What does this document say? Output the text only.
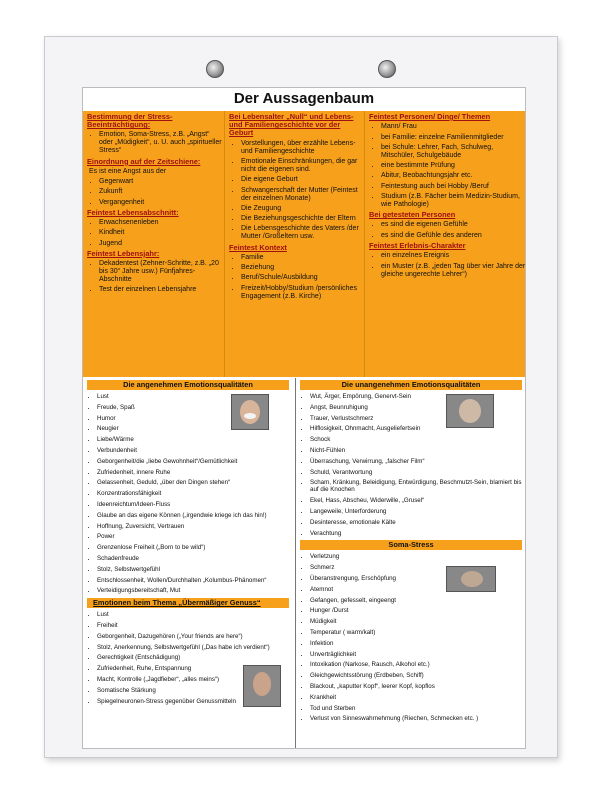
Der Aussagenbaum
Bestimmung der Stress-Beeinträchtigung:
• Emotion, Soma-Stress, z.B. „Angst“ oder „Müdigkeit“, u. U. auch „spiritueller Stress“
Einordnung auf der Zeitschiene:
Es ist eine Angst aus der
• Gegenwart
• Zukunft
• Vergangenheit
Feintest Lebensabschnitt:
• Erwachsenenleben
• Kindheit
• Jugend
Feintest Lebensjahr:
• Dekadentest (Zehner-Schritte, z.B. „20 bis 30“ Jahre usw.) Fünfjahres-Abschnitte
• Test der einzelnen Lebensjahre
Bei Lebensalter „Null“ und Lebens- und Familiengeschichte vor der Geburt
• Vorstellungen, über erzählte Lebens- und Familiengeschichte
• Emotionale Einschränkungen, die gar nicht die eigenen sind.
• Die eigene Geburt
• Schwangerschaft der Mutter (Feintest der einzelnen Monate)
• Die Zeugung
• Die Beziehungsgeschichte der Eltern
• Die Lebensgeschichte des Vaters /der Mutter /Großeltern usw.
Feintest Kontext
• Familie
• Beziehung
• Beruf/Schule/Ausbildung
• Freizeit/Hobby/Studium /persönliches Engagement (z.B. Kirche)
Feintest Personen/ Dinge/ Themen
• Mann/ Frau
• bei Familie: einzelne Familienmitglieder
• bei Schule: Lehrer, Fach, Schulweg, Mitschüler, Schulgebäude
• eine bestimmte Prüfung
• Abitur, Beobachtungsjahr etc.
• Feintestung auch bei Hobby /Beruf
• Studium (z.B. Fächer beim Medizin-Studium, wie Pathologie)
Bei getesteten Personen
• es sind die eigenen Gefühle
• es sind die Gefühle des anderen
Feintest Erlebnis-Charakter
• ein einzelnes Ereignis
• ein Muster (z.B. „jeden Tag über vier Jahre der gleiche ungerechte Lehrer“)
Die angenehmen Emotionsqualitäten
• Lust
• Freude, Spaß
• Humor
• Neugier
• Liebe/Wärme
• Verbundenheit
• Geborgenheit/die „liebe Gewohnheit“/Gemütlichkeit
• Zufriedenheit, innere Ruhe
• Gelassenheit, Geduld, „über den Dingen stehen“
• Konzentrationsfähigkeit
• Ideenreichtum/Ideen-Fluss
• Glaube an das eigene Können („irgendwie kriege ich das hin!)
• Hoffnung, Zuversicht, Vertrauen
• Power
• Grenzenlose Freiheit („Born to be wild“)
• Schadenfreude
• Stolz, Selbstwertgefühl
• Entschlossenheit, Wollen/Durchhalten „Kolumbus-Phänomen“
• Verteidigungsbereitschaft, Mut
Emotionen beim Thema „Übermäßiger Genuss“
• Lust
• Freiheit
• Geborgenheit, Dazugehören („Your friends are here“)
• Stolz, Anerkennung, Selbstwertgefühl („Das habe ich verdient“)
• Gerechtigkeit (Entschädigung)
• Zufriedenheit, Ruhe, Entspannung
• Macht, Kontrolle („Jagdfieber“, „alles meins“)
• Somatische Stärkung
• Spiegelneuronen-Stress gegenüber Genussmitteln
Die unangenehmen Emotionsqualitäten
• Wut, Ärger, Empörung, Genervt-Sein
• Angst, Beunruhigung
• Trauer, Verlustschmerz
• Hilflosigkeit, Ohnmacht, Ausgeliefertsein
• Schock
• Nicht-Fühlen
• Überraschung, Verwirrung, „falscher Film“
• Schuld, Verantwortung
• Scham, Kränkung, Beleidigung, Entwürdigung, Beschmutzt-Sein, blamiert bis auf die Knochen
• Ekel, Hass, Abscheu, Widerwille, „Grusel“
• Langeweile, Unterforderung
• Desinteresse, emotionale Kälte
• Verachtung
Soma-Stress
• Verletzung
• Schmerz
• Überanstrengung, Erschöpfung
• Atemnot
• Gefangen, gefesselt, eingeengt
• Hunger /Durst
• Müdigkeit
• Temperatur ( warm/kalt)
• Infektion
• Unverträglichkeit
• Intoxikation (Narkose, Rausch, Alkohol etc.)
• Gleichgewichtsstörung (Erdbeben, Schiff)
• Blackout, „kaputter Kopf“, leerer Kopf, kopflos
• Krankheit
• Tod und Sterben
• Verlust von Sinneswahrnehmung (Riechen, Schmecken etc. )
